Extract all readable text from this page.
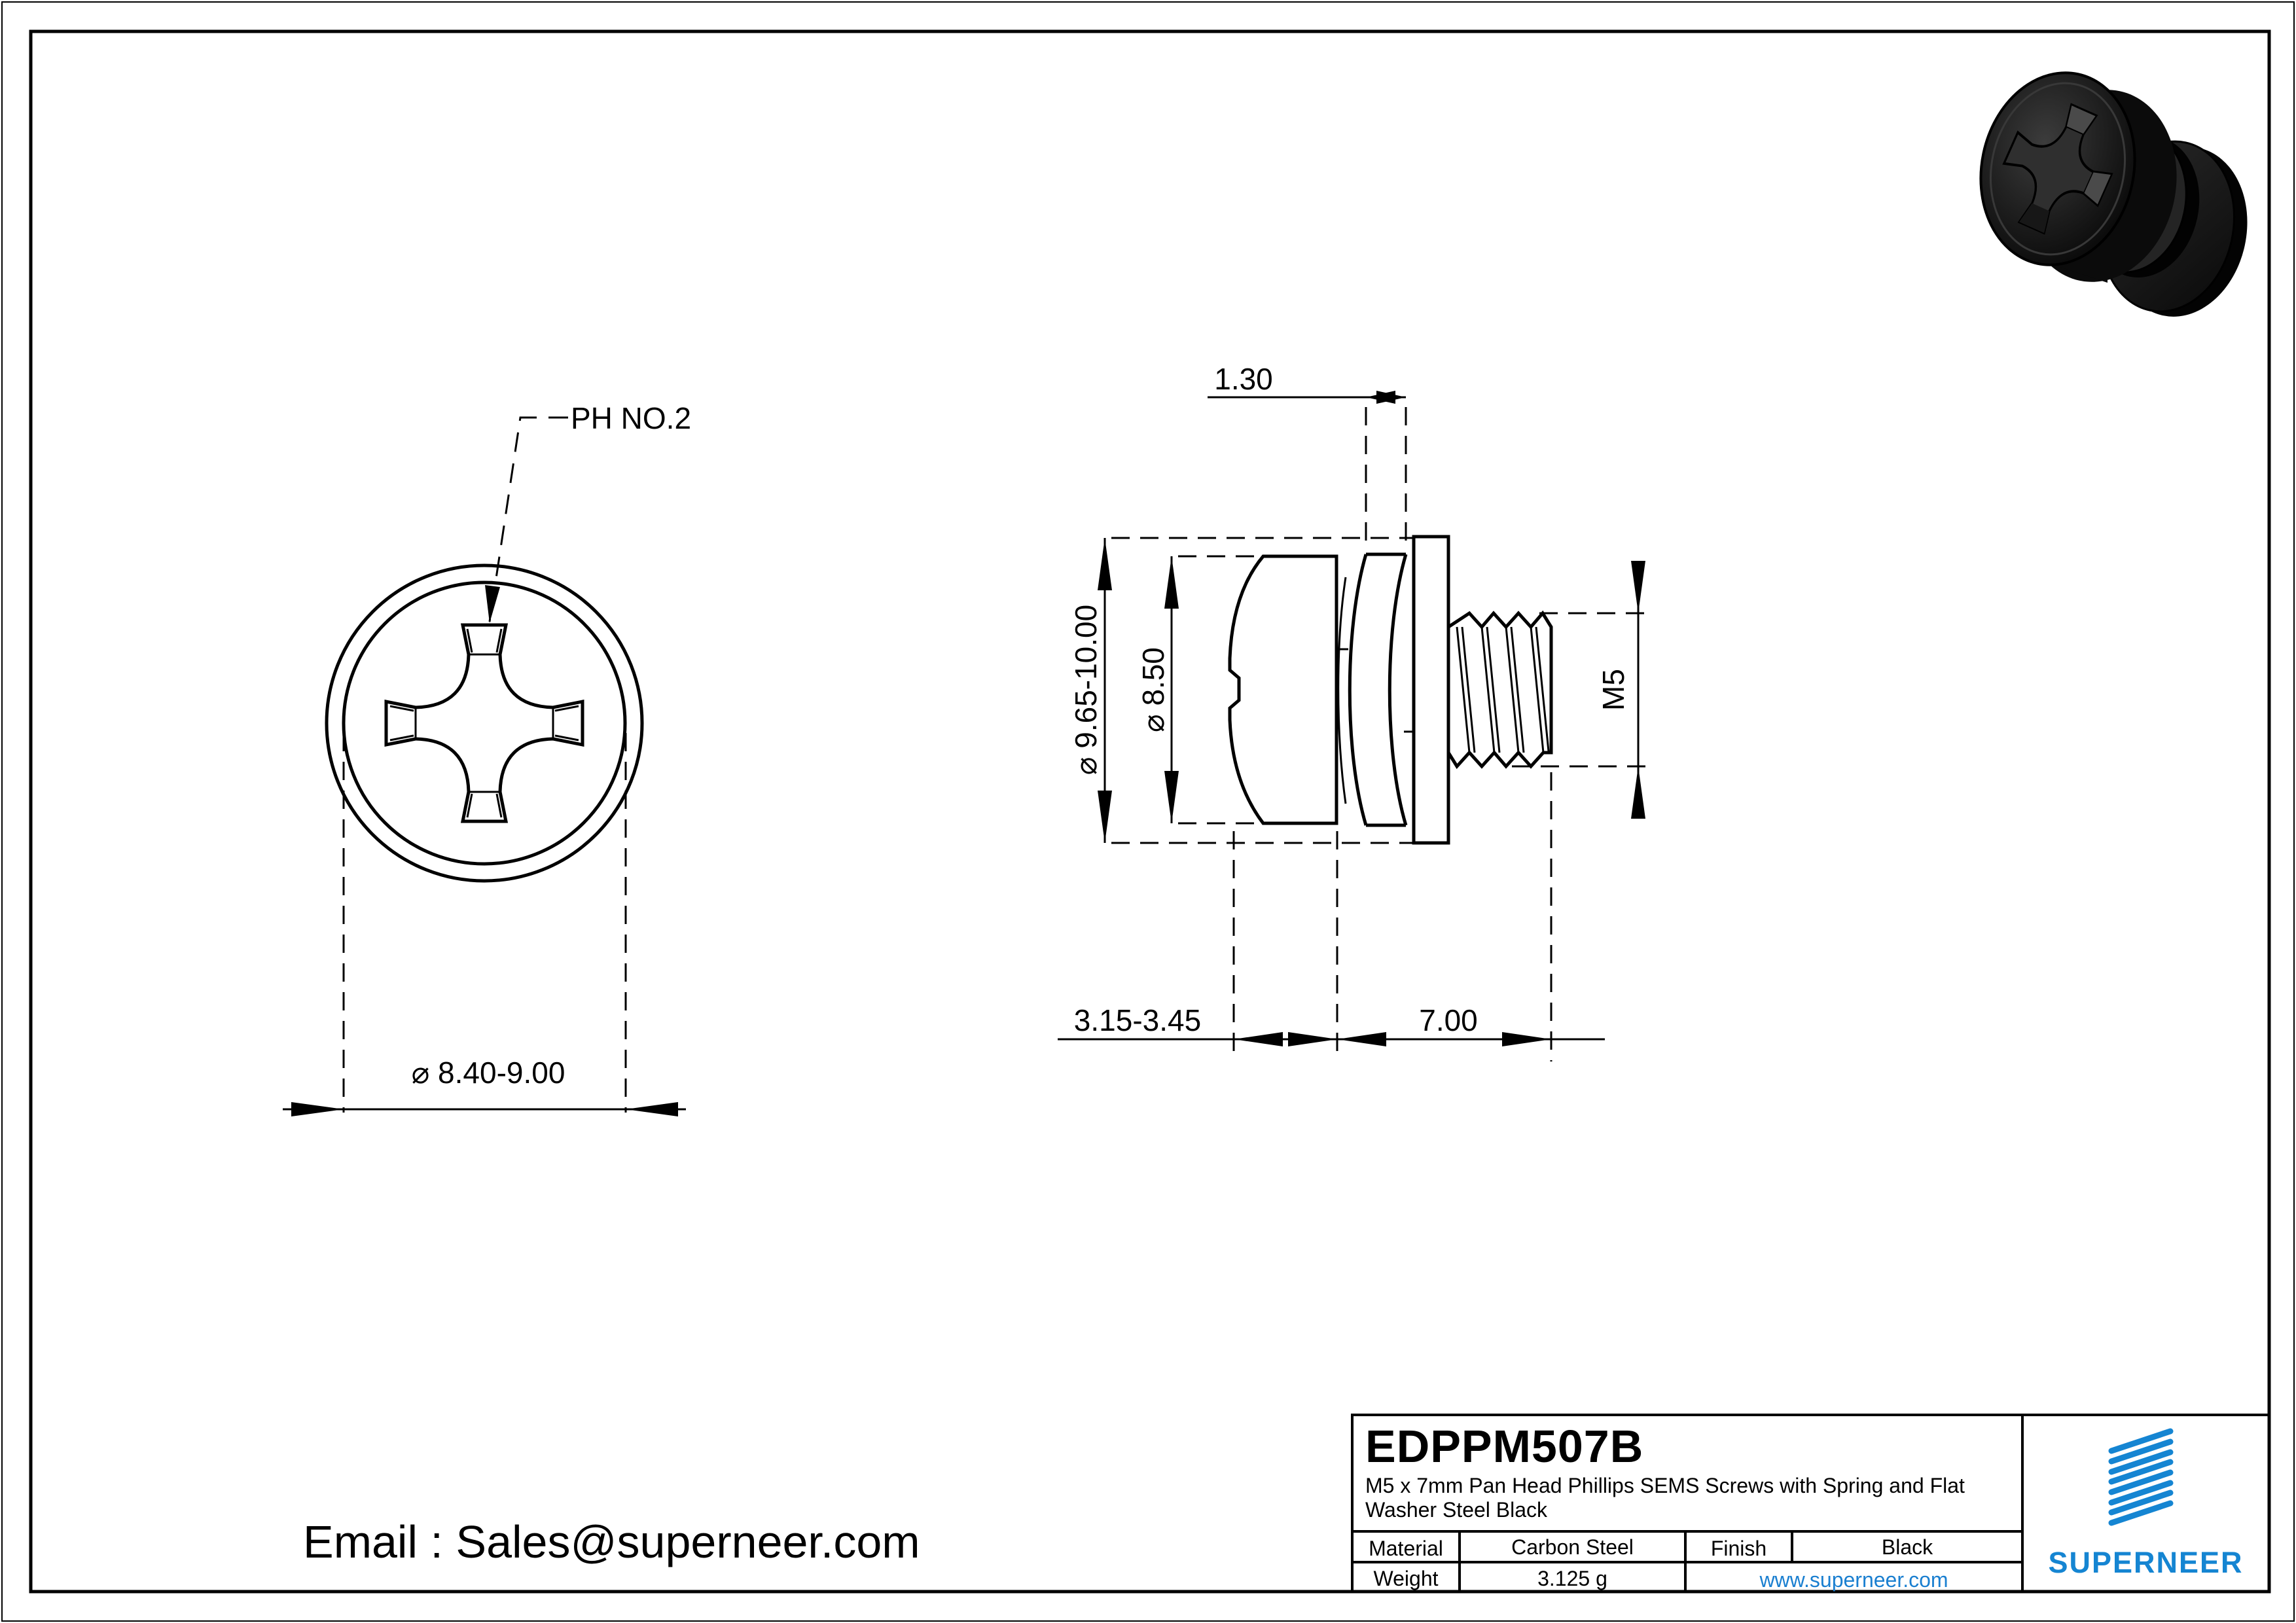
PH NO.2
⌀ 8.40-9.00
1.30
⌀ 9.65-10.00 ⌀ 8.50	M5
3.15-3.45	7.00
Email : Sales@superneer.com
EDPPM507B
M5 x 7mm Pan Head Phillips SEMS Screws with Spring and Flat Washer Steel Black
Material	Carbon Steel	Finish	Black
Weight	3.125 g	www.superneer.com
SUPERNEER
